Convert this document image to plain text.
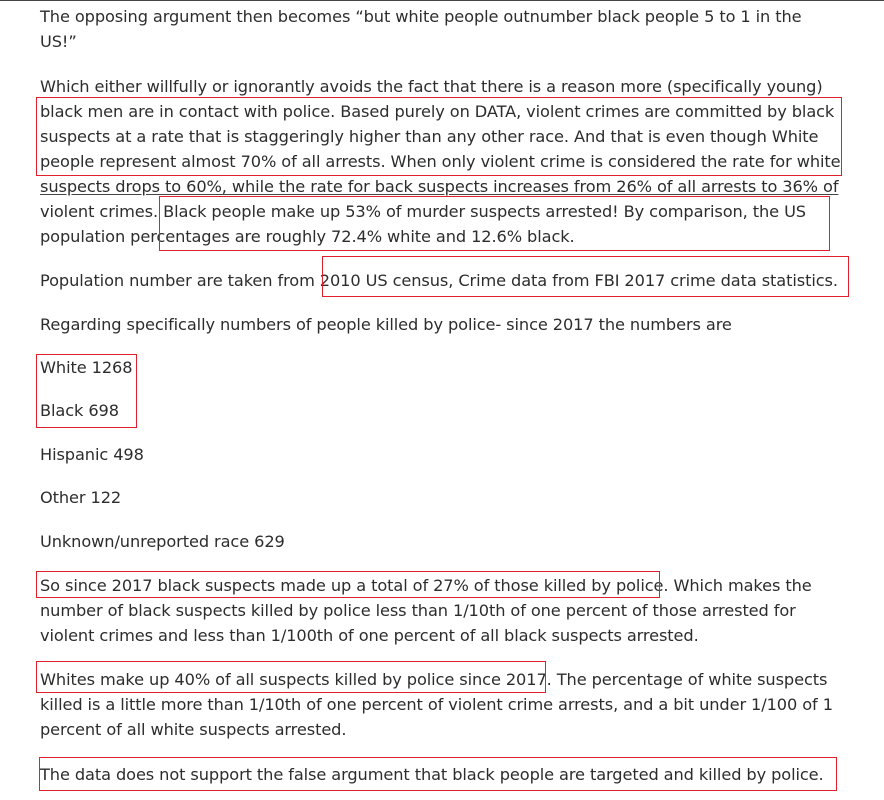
The opposing argument then becomes “but white people outnumber black people 5 to 1 in the

US!”

Which either willfully or ignorantly avoids the fact that there is a reason more (specifically young)

black men are in contact with police. Based purely on DATA, violent crimes are committed by black

suspects at a rate that is staggeringly higher than any other race. And that is even though White

people represent almost 70% of all arrests. When only violent crime is considered the rate for white

suspects drops to 60%, while the rate for back suspects increases from 26% of all arrests to 36% of

violent crimes. Black people make up 53% of murder suspects arrested! By comparison, the US

population percentages are roughly 72.4% white and 12.6% black.

Population number are taken from 2010 US census, Crime data from FBI 2017 crime data statistics.

Regarding specifically numbers of people killed by police- since 2017 the numbers are

White 1268

Black 698

Hispanic 498

Other 122

Unknown/unreported race 629

So since 2017 black suspects made up a total of 27% of those killed by police. Which makes the

number of black suspects killed by police less than 1/10th of one percent of those arrested for

violent crimes and less than 1/100th of one percent of all black suspects arrested.

Whites make up 40% of all suspects killed by police since 2017. The percentage of white suspects

killed is a little more than 1/10th of one percent of violent crime arrests, and a bit under 1/100 of 1

percent of all white suspects arrested.

The data does not support the false argument that black people are targeted and killed by police.
